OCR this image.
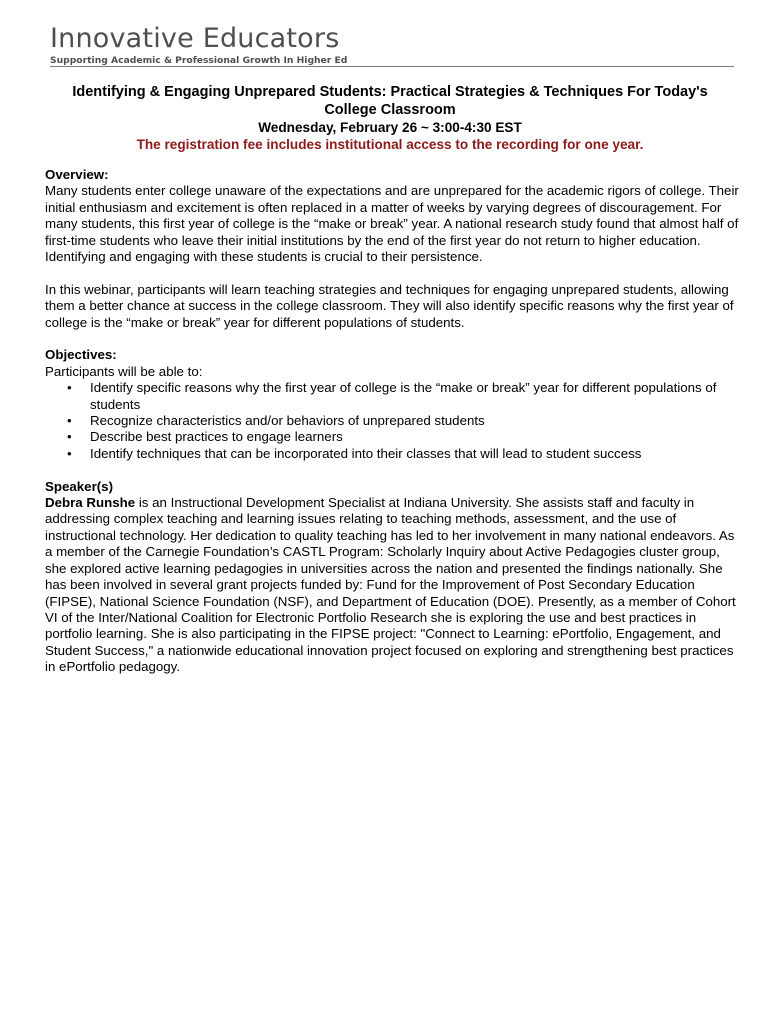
Innovative Educators
Supporting Academic & Professional Growth In Higher Ed
Identifying & Engaging Unprepared Students: Practical Strategies & Techniques For Today's College Classroom
Wednesday, February 26 ~ 3:00-4:30 EST
The registration fee includes institutional access to the recording for one year.

Overview:

Many students enter college unaware of the expectations and are unprepared for the academic rigors of college. Their initial enthusiasm and excitement is often replaced in a matter of weeks by varying degrees of discouragement. For many students, this first year of college is the “make or break” year. A national research study found that almost half of first-time students who leave their initial institutions by the end of the first year do not return to higher education. Identifying and engaging with these students is crucial to their persistence.

In this webinar, participants will learn teaching strategies and techniques for engaging unprepared students, allowing them a better chance at success in the college classroom. They will also identify specific reasons why the first year of college is the “make or break” year for different populations of students.

Objectives:

Participants will be able to:

• Identify specific reasons why the first year of college is the “make or break” year for different populations of students
• Recognize characteristics and/or behaviors of unprepared students
• Describe best practices to engage learners
• Identify techniques that can be incorporated into their classes that will lead to student success

Speaker(s)

Debra Runshe is an Instructional Development Specialist at Indiana University. She assists staff and faculty in addressing complex teaching and learning issues relating to teaching methods, assessment, and the use of instructional technology. Her dedication to quality teaching has led to her involvement in many national endeavors. As a member of the Carnegie Foundation’s CASTL Program: Scholarly Inquiry about Active Pedagogies cluster group, she explored active learning pedagogies in universities across the nation and presented the findings nationally. She has been involved in several grant projects funded by: Fund for the Improvement of Post Secondary Education (FIPSE), National Science Foundation (NSF), and Department of Education (DOE). Presently, as a member of Cohort VI of the Inter/National Coalition for Electronic Portfolio Research she is exploring the use and best practices in portfolio learning. She is also participating in the FIPSE project: "Connect to Learning: ePortfolio, Engagement, and Student Success," a nationwide educational innovation project focused on exploring and strengthening best practices in ePortfolio pedagogy.
